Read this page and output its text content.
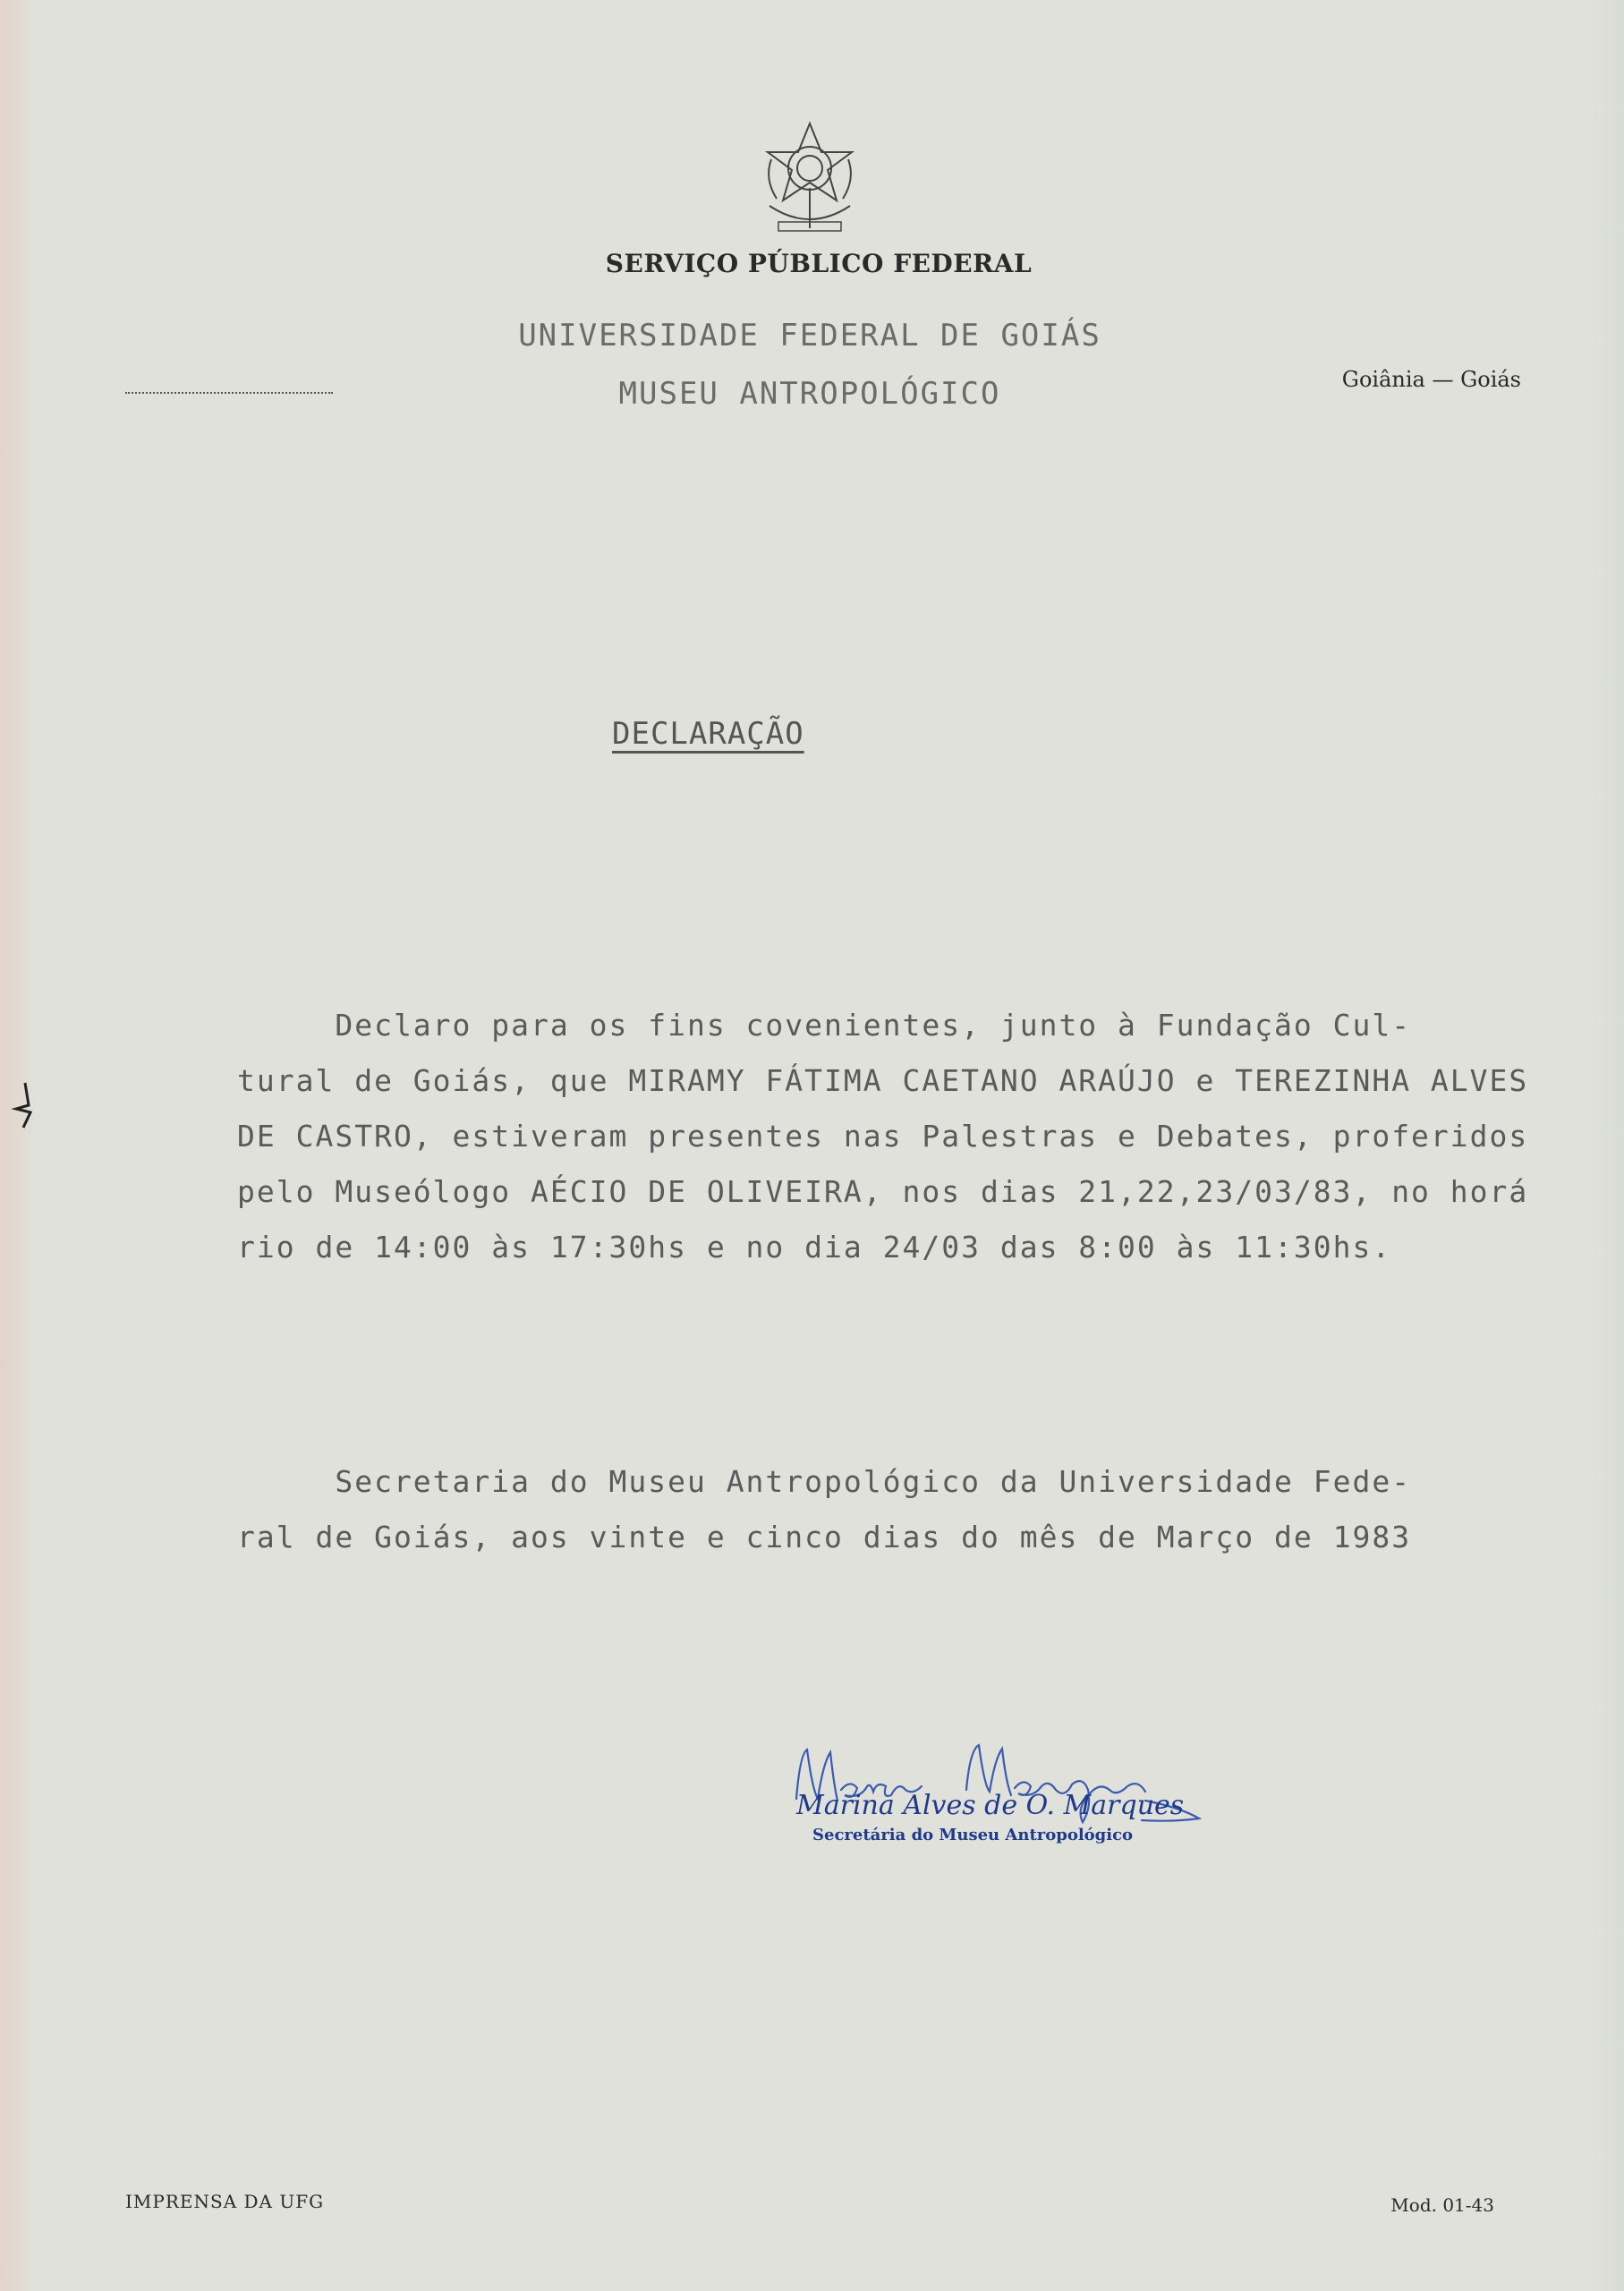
SERVIÇO PÚBLICO FEDERAL
UNIVERSIDADE FEDERAL DE GOIÁS
MUSEU ANTROPOLÓGICO	Goiânia — Goiás
DECLARAÇÃO
Declaro para os fins covenientes, junto à Fundação Cul-
tural de Goiás, que MIRAMY FÁTIMA CAETANO ARAÚJO e TEREZINHA ALVES
DE CASTRO, estiveram presentes nas Palestras e Debates, proferidos
pelo Museólogo AÉCIO DE OLIVEIRA, nos dias 21,22,23/03/83, no horá
rio de 14:00 às 17:30hs e no dia 24/03 das 8:00 às 11:30hs.
Secretaria do Museu Antropológico da Universidade Fede-
ral de Goiás, aos vinte e cinco dias do mês de Março de 1983
Marina Alves de O. Marques
Secretária do Museu Antropológico
IMPRENSA DA UFG	Mod. 01-43
